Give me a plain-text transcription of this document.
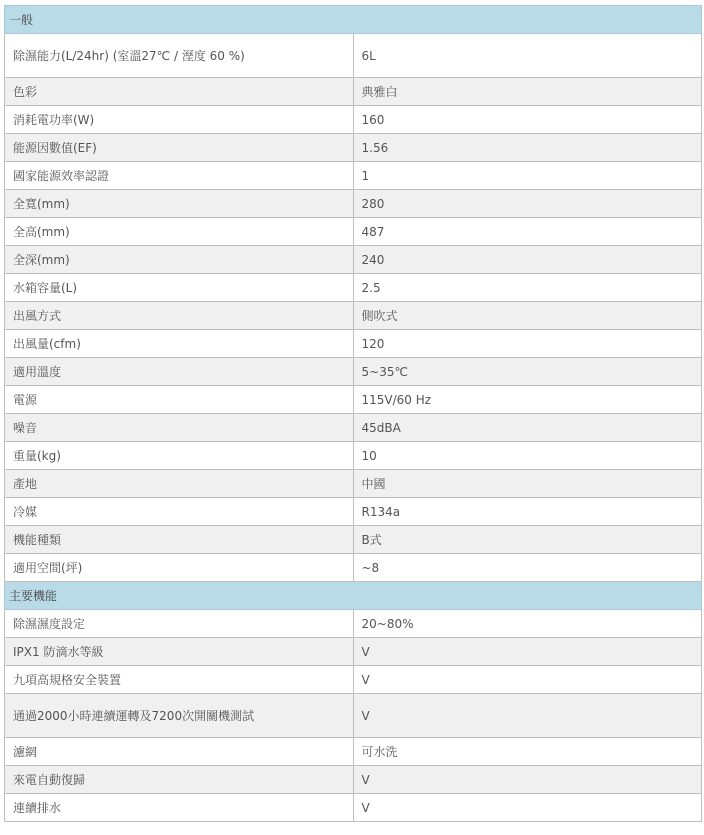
一般	
除濕能力(L/24hr) (室溫27℃ / 溼度 60 %)	6L
色彩	典雅白
消耗電功率(W)	160
能源因數值(EF)	1.56
國家能源效率認證	1
全寬(mm)	280
全高(mm)	487
全深(mm)	240
水箱容量(L)	2.5
出風方式	側吹式
出風量(cfm)	120
適用溫度	5~35℃
電源	115V/60 Hz
噪音	45dBA
重量(kg)	10
產地	中國
冷媒	R134a
機能種類	B式
適用空間(坪)	~8
主要機能	
除濕濕度設定	20~80%
IPX1 防滴水等級	V
九項高規格安全裝置	V
通過2000小時連續運轉及7200次開關機測試	V
濾網	可水洗
來電自動復歸	V
連續排水	V
